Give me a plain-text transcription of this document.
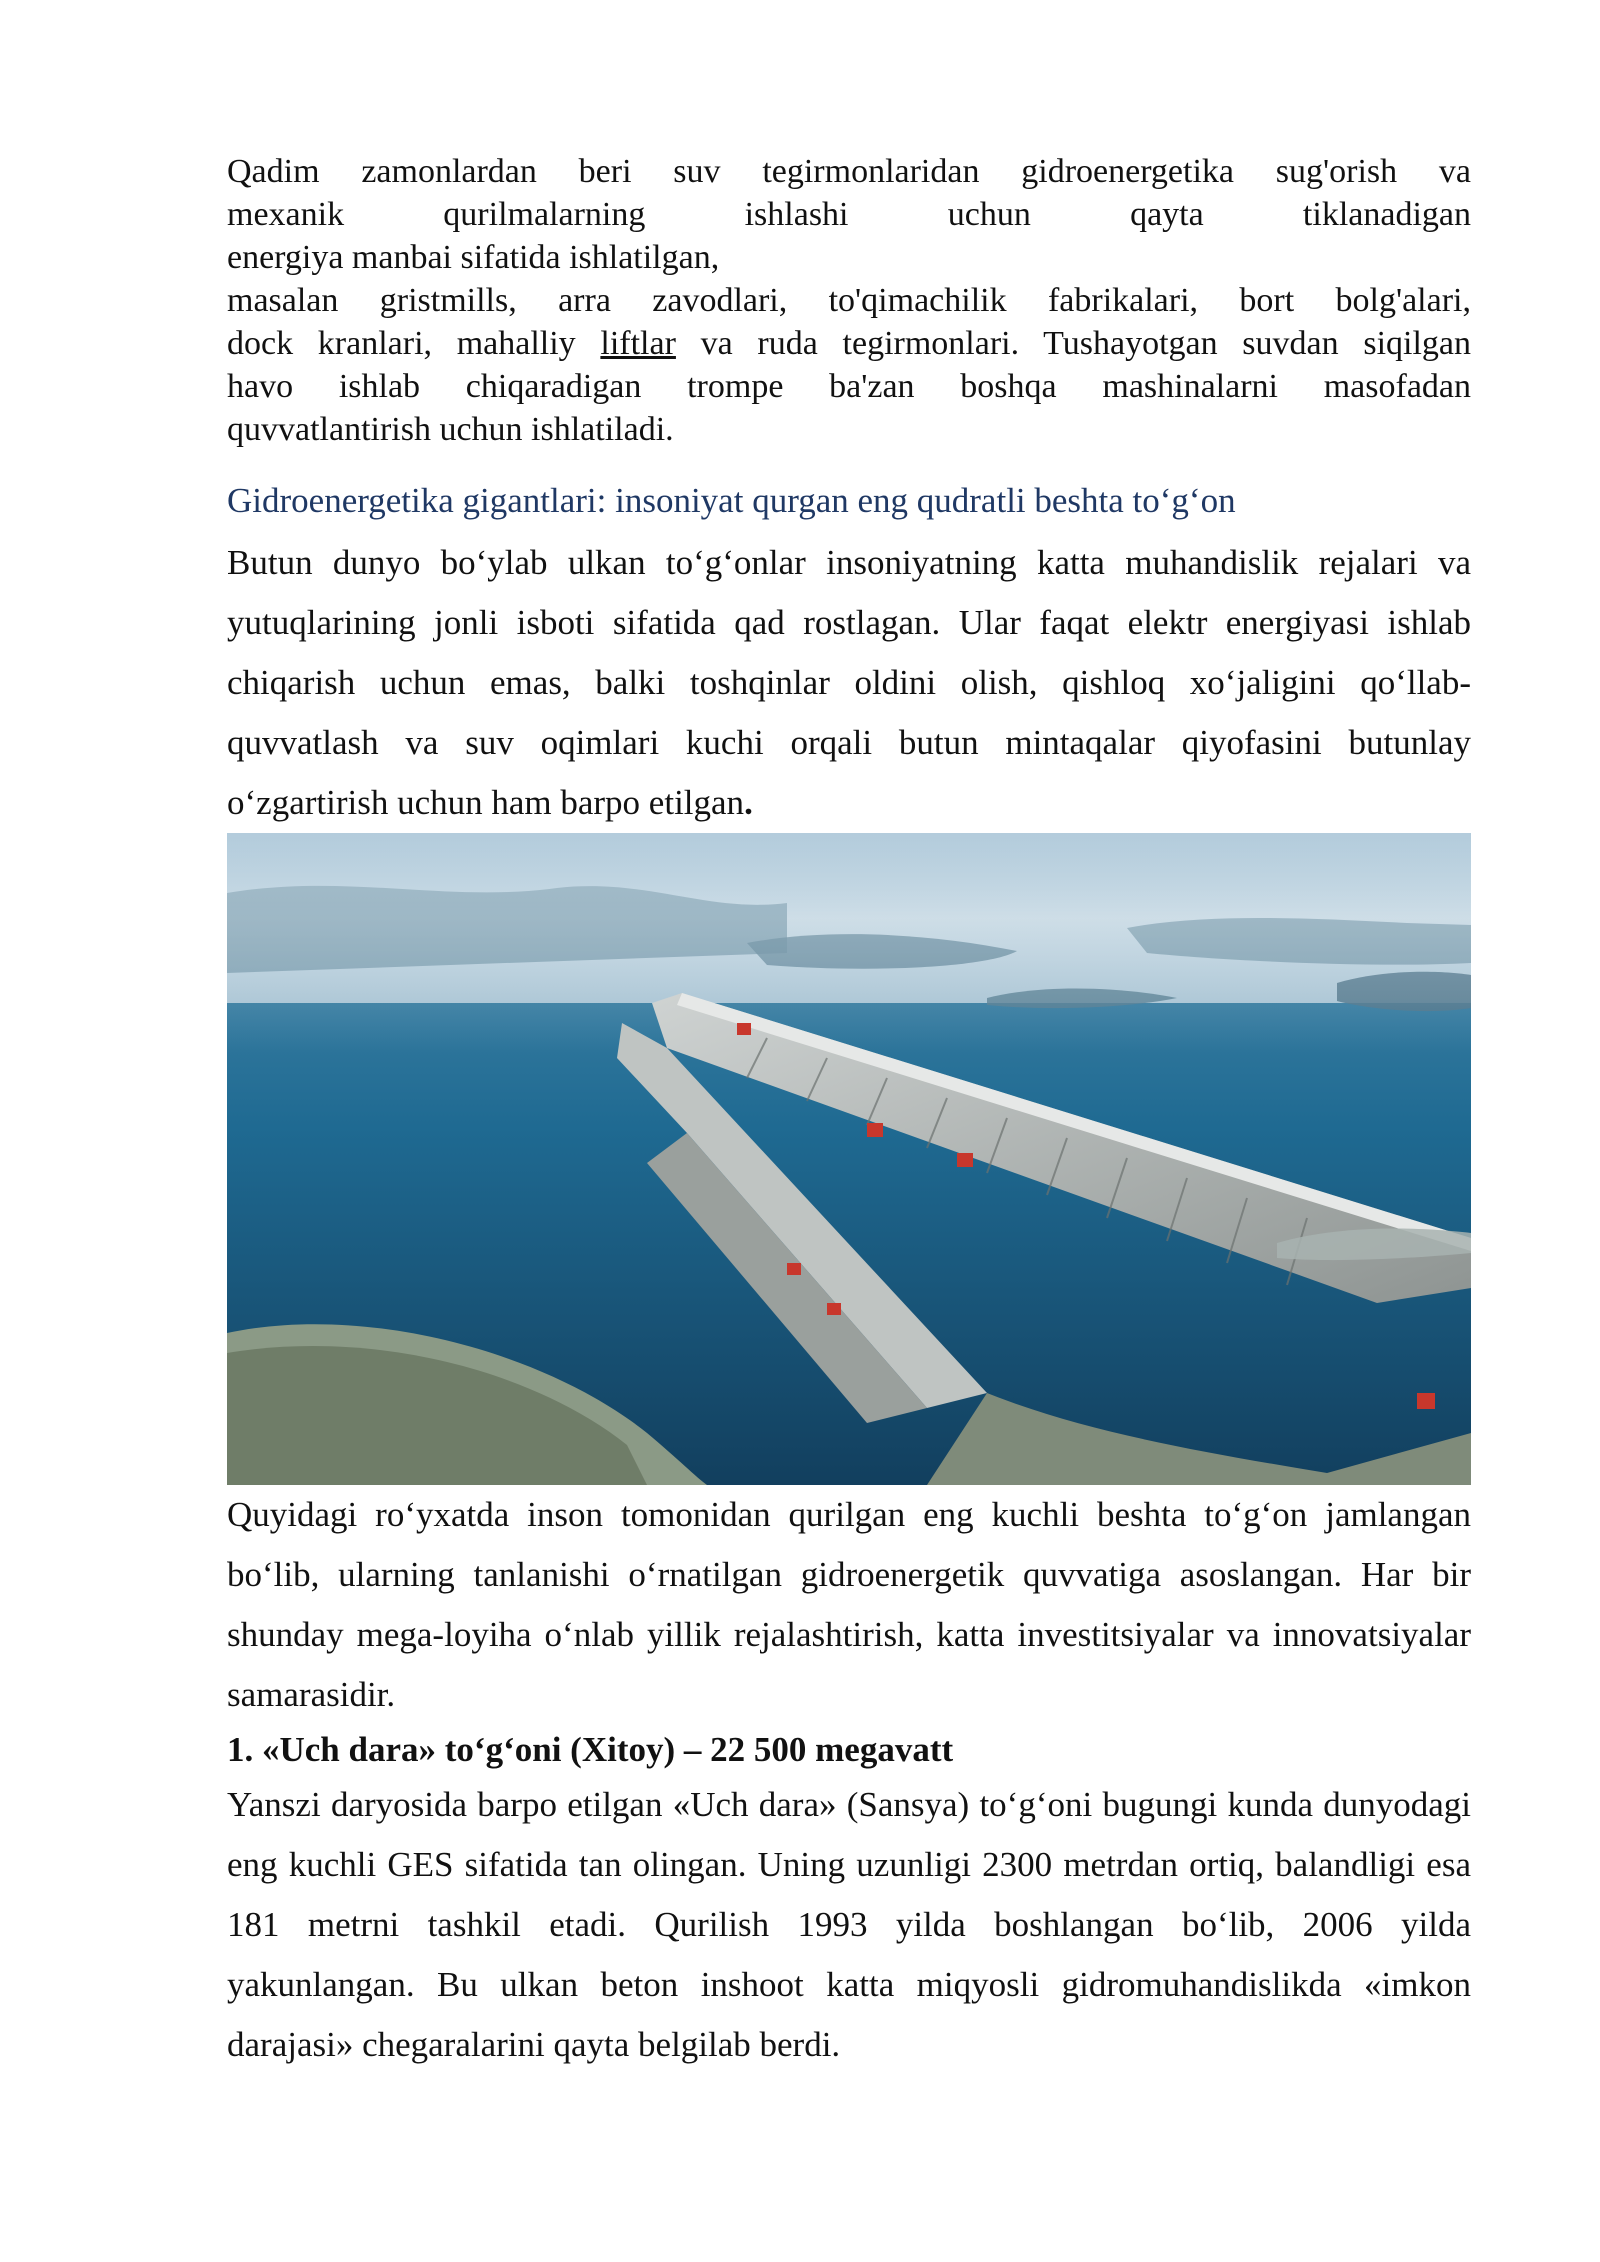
Qadim zamonlardan beri suv tegirmonlaridan gidroenergetika sug'orish va
mexanik qurilmalarning ishlashi uchun qayta tiklanadigan
energiya manbai sifatida ishlatilgan,
masalan gristmills, arra zavodlari, to'qimachilik fabrikalari, bort bolg'alari,
dock kranlari, mahalliy liftlar va ruda tegirmonlari. Tushayotgan suvdan siqilgan
havo ishlab chiqaradigan trompe ba'zan boshqa mashinalarni masofadan
quvvatlantirish uchun ishlatiladi.
Gidroenergetika gigantlari: insoniyat qurgan eng qudratli beshta to‘g‘on

Butun dunyo bo‘ylab ulkan to‘g‘onlar insoniyatning katta muhandislik rejalari va yutuqlarining jonli isboti sifatida qad rostlagan. Ular faqat elektr energiyasi ishlab chiqarish uchun emas, balki toshqinlar oldini olish, qishloq xo‘jaligini qo‘llab-quvvatlash va suv oqimlari kuchi orqali butun mintaqalar qiyofasini butunlay o‘zgartirish uchun ham barpo etilgan.

Quyidagi ro‘yxatda inson tomonidan qurilgan eng kuchli beshta to‘g‘on jamlangan bo‘lib, ularning tanlanishi o‘rnatilgan gidroenergetik quvvatiga asoslangan. Har bir shunday mega-loyiha o‘nlab yillik rejalashtirish, katta investitsiyalar va innovatsiyalar samarasidir.

1. «Uch dara» to‘g‘oni (Xitoy) – 22 500 megavatt

Yanszi daryosida barpo etilgan «Uch dara» (Sansya) to‘g‘oni bugungi kunda dunyodagi eng kuchli GES sifatida tan olingan. Uning uzunligi 2300 metrdan ortiq, balandligi esa 181 metrni tashkil etadi. Qurilish 1993 yilda boshlangan bo‘lib, 2006 yilda yakunlangan. Bu ulkan beton inshoot katta miqyosli gidromuhandislikda «imkon darajasi» chegaralarini qayta belgilab berdi.
